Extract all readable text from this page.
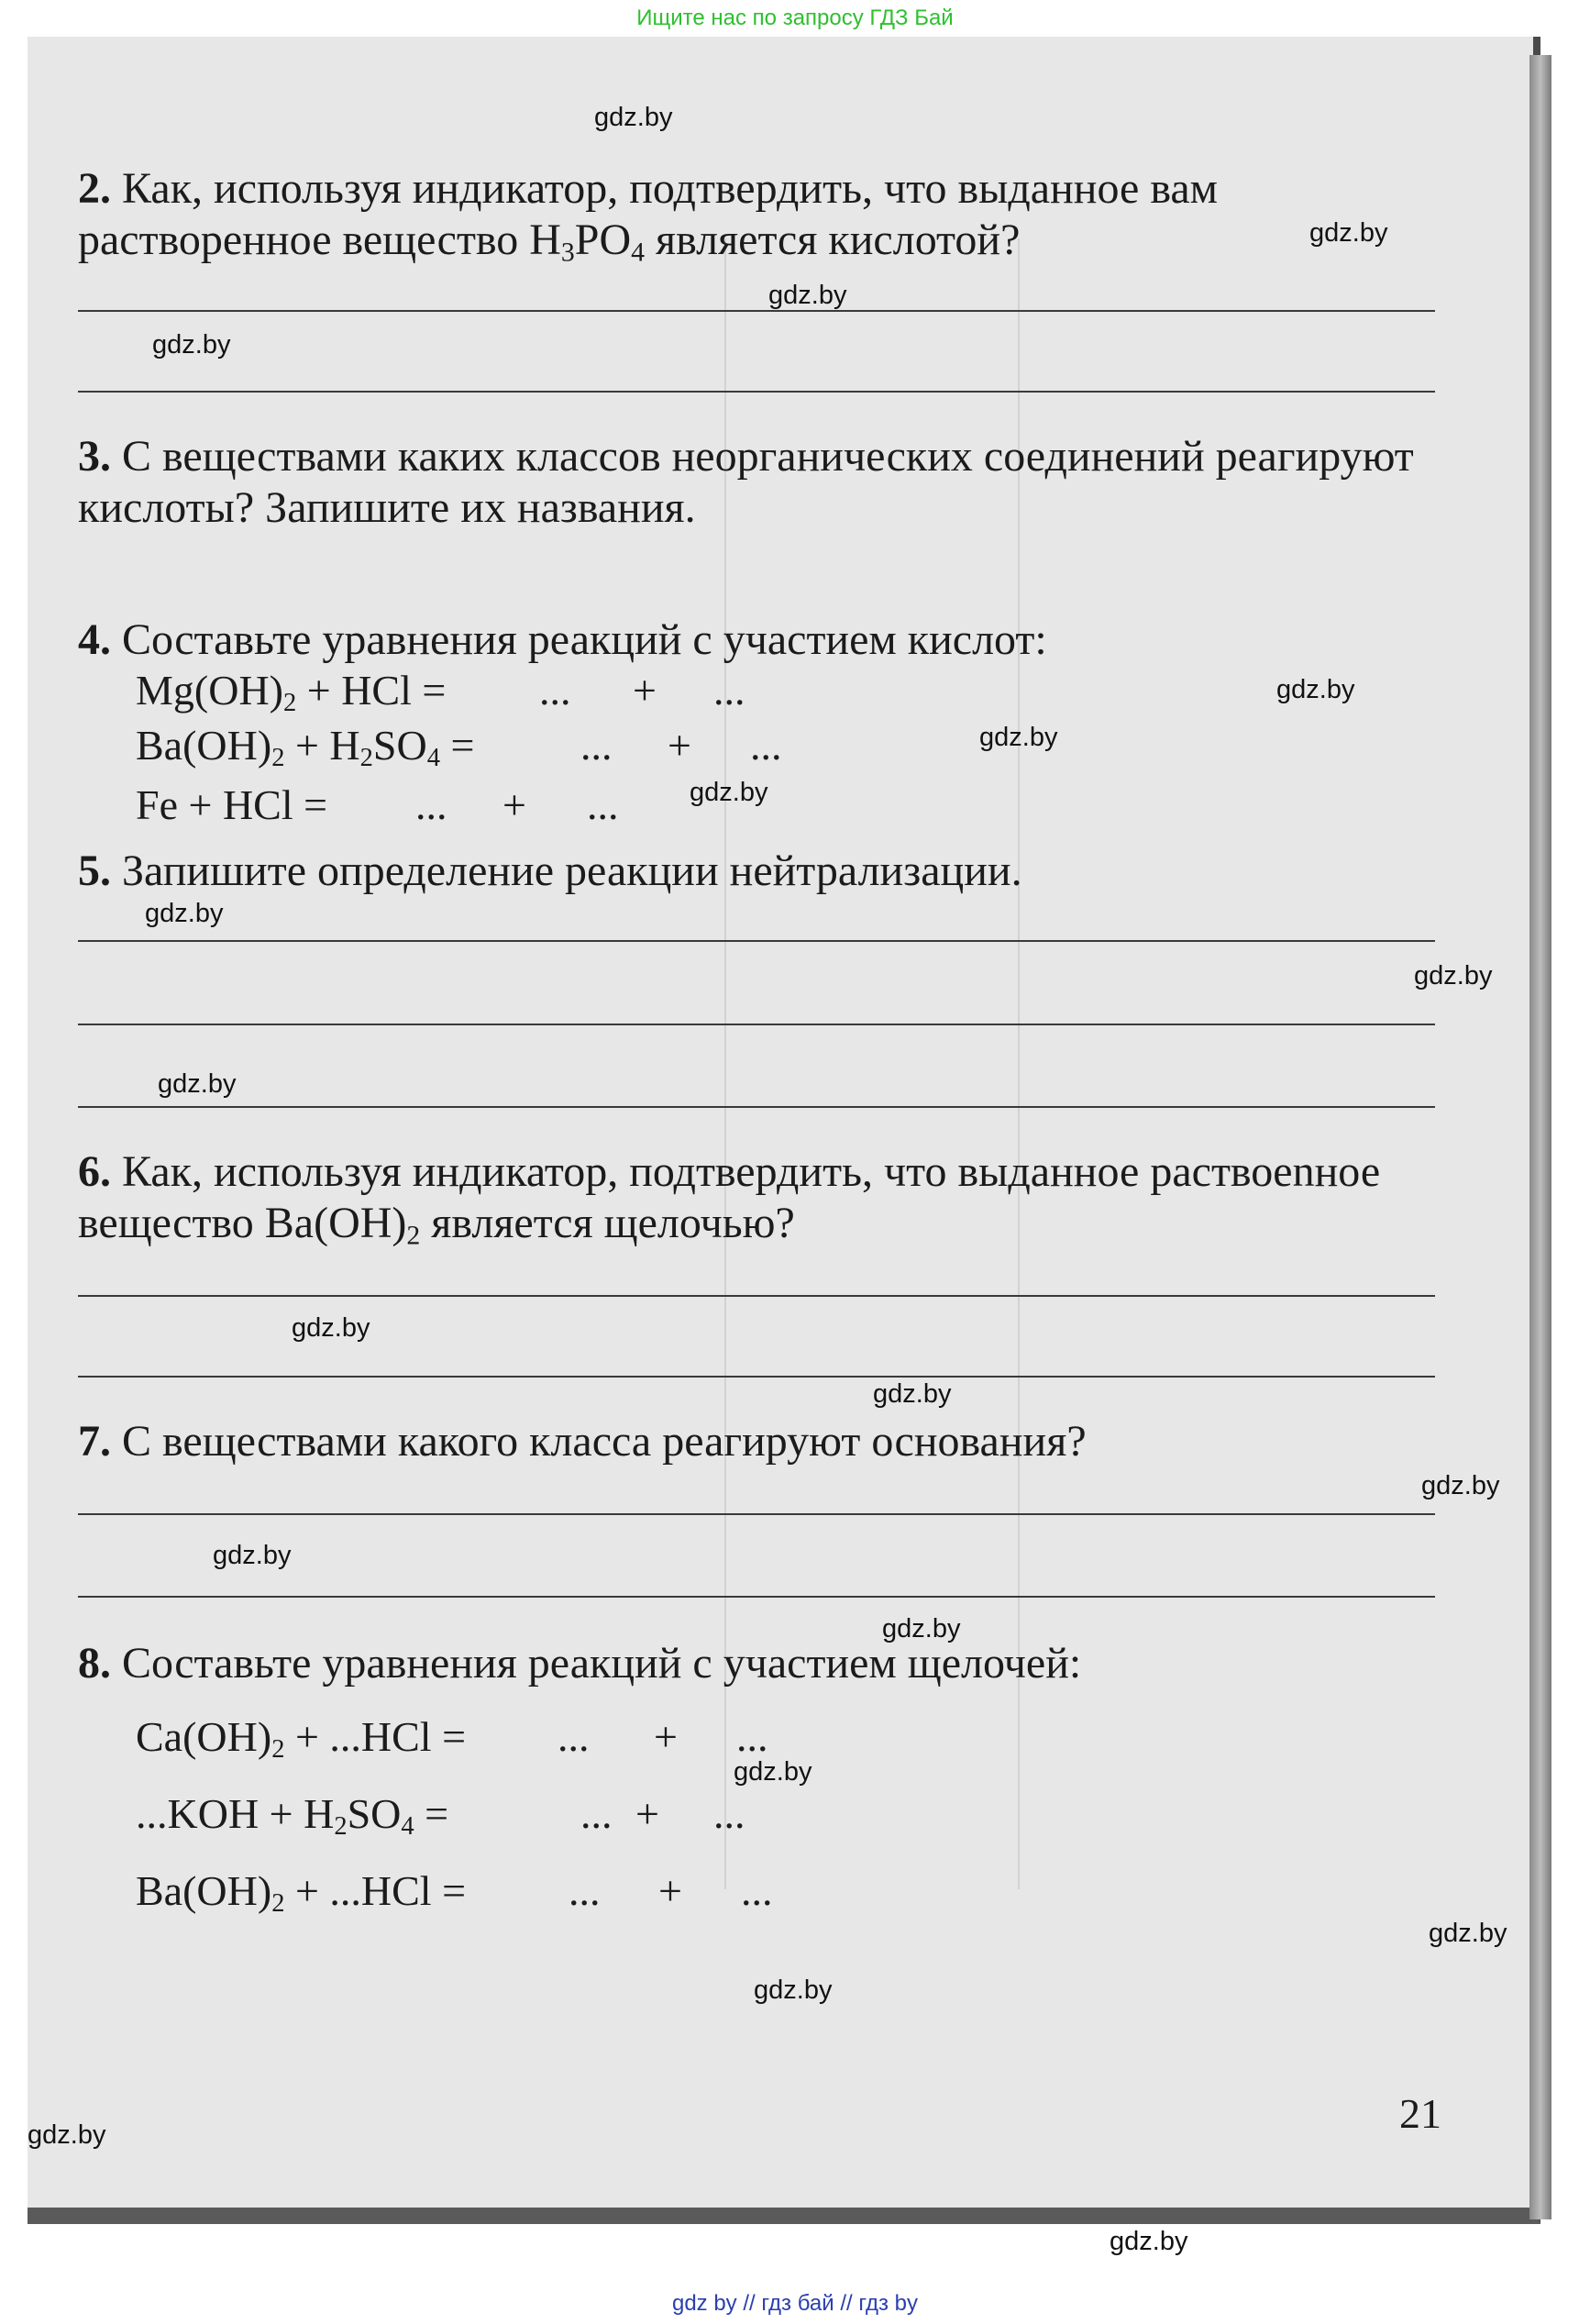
Ищите нас по запросу ГДЗ Бай
2. Как, используя индикатор, подтвердить, что выданное вам растворенное вещество $H_3PO_4$ является кислотой?
3. С веществами каких классов неорганических соединений реагируют кислоты? Запишите их названия.
4. Составьте уравнения реакций с участием кислот:
$Mg(OH)_2$ + HCl = ... + ...
$Ba(OH)_2 + H_2SO_4$ =	... + ...
Fe + HCl = ... + ...
5. Запишите определение реакции нейтрализации.
6. Как, используя индикатор, подтвердить, что выданное раствоenное вещество $Ba(OH)_2$ является щелочью?
7. С веществами какого класса реагируют основания?
8. Составьте уравнения реакций с участием щелочей:
$Ca(OH)_2 + ...HCl$ = ... + ...
$...KOH + H_2SO_4$ =	... + ...
$Ba(OH)_2 + ...HCl$ = ... + ...
21
gdz.by
gdz.by
gdz.by
gdz.by
gdz.by
gdz.by
gdz.by
gdz.by
gdz.by
gdz.by
gdz.by
gdz.by
gdz.by
gdz.by
gdz.by
gdz.by
gdz.by
gdz.by
gdz.by
gdz.by
gdz by // гдз бай // гдз by
